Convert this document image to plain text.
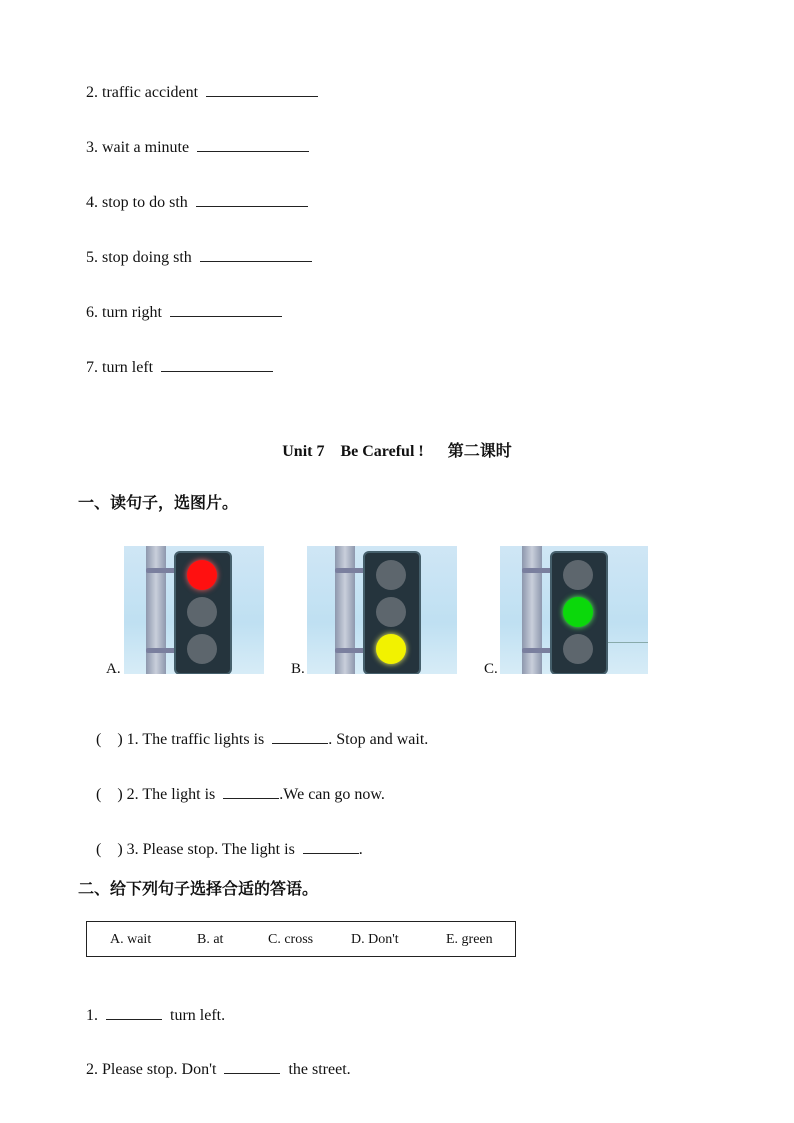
2. traffic accident

3. wait a minute

4. stop to do sth

5. stop doing sth

6. turn right

7. turn left

Unit 7    Be Careful !      第二课时
一、读句子，选图片。
A.	B.	C.

(    ) 1. The traffic lights is	. Stop and wait.

(    ) 2. The light is	.We can go now.

(    ) 3. Please stop. The light is	.

二、给下列句子选择合适的答语。
A. wait	B. at	C. cross	D. Don't	E. green

1.	turn left.

2. Please stop. Don't	the street.
